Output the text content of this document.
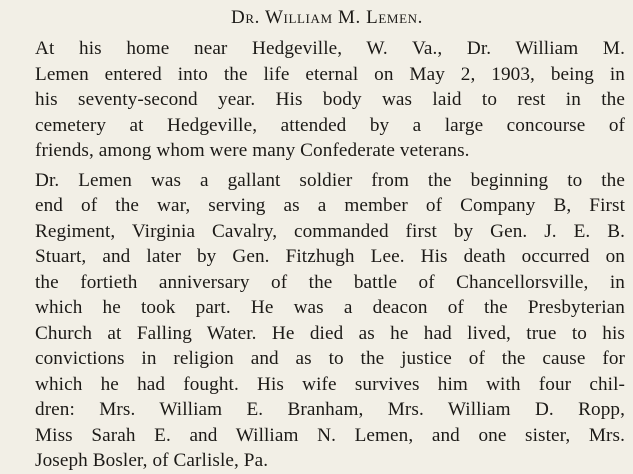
Dr. William M. Lemen.
At his home near Hedgeville, W. Va., Dr. William M.
Lemen entered into the life eternal on May 2, 1903, being in
his seventy-second year. His body was laid to rest in the
cemetery at Hedgeville, attended by a large concourse of
friends, among whom were many Confederate veterans.
Dr. Lemen was a gallant soldier from the beginning to the
end of the war, serving as a member of Company B, First
Regiment, Virginia Cavalry, commanded first by Gen. J. E. B.
Stuart, and later by Gen. Fitzhugh Lee. His death occurred on
the fortieth anniversary of the battle of Chancellorsville, in
which he took part. He was a deacon of the Presbyterian
Church at Falling Water. He died as he had lived, true to his
convictions in religion and as to the justice of the cause for
which he had fought. His wife survives him with four chil-
dren: Mrs. William E. Branham, Mrs. William D. Ropp,
Miss Sarah E. and William N. Lemen, and one sister, Mrs.
Joseph Bosler, of Carlisle, Pa.
